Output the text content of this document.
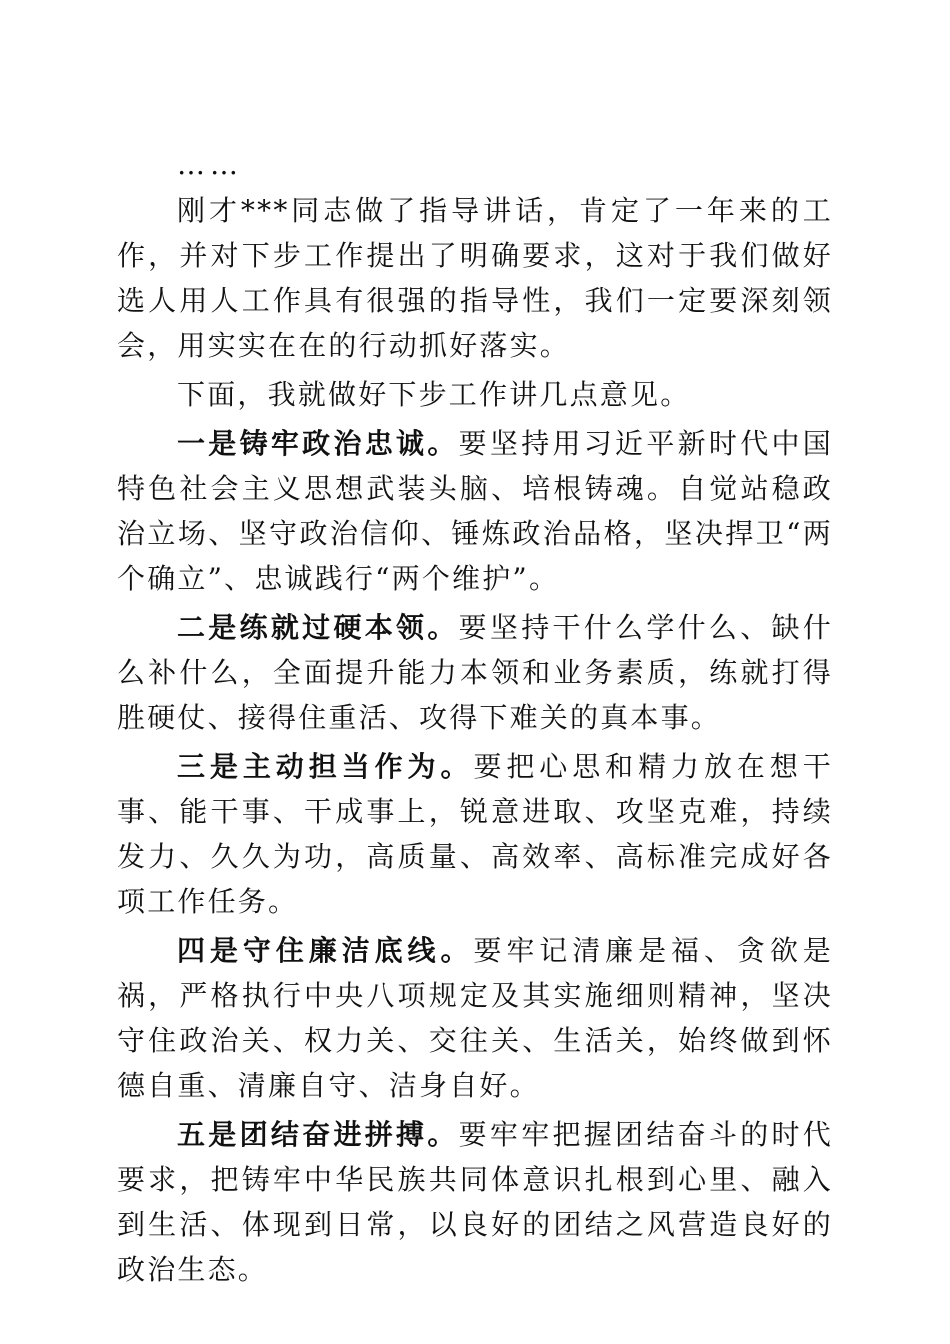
……

刚才***同志做了指导讲话，肯定了一年来的工作，并对下步工作提出了明确要求，这对于我们做好选人用人工作具有很强的指导性，我们一定要深刻领会，用实实在在的行动抓好落实。

下面，我就做好下步工作讲几点意见。

一是铸牢政治忠诚。要坚持用习近平新时代中国特色社会主义思想武装头脑、培根铸魂。自觉站稳政治立场、坚守政治信仰、锤炼政治品格，坚决捍卫“两个确立”、忠诚践行“两个维护”。

二是练就过硬本领。要坚持干什么学什么、缺什么补什么，全面提升能力本领和业务素质，练就打得胜硬仗、接得住重活、攻得下难关的真本事。

三是主动担当作为。要把心思和精力放在想干事、能干事、干成事上，锐意进取、攻坚克难，持续发力、久久为功，高质量、高效率、高标准完成好各项工作任务。

四是守住廉洁底线。要牢记清廉是福、贪欲是祸，严格执行中央八项规定及其实施细则精神，坚决守住政治关、权力关、交往关、生活关，始终做到怀德自重、清廉自守、洁身自好。

五是团结奋进拼搏。要牢牢把握团结奋斗的时代要求，把铸牢中华民族共同体意识扎根到心里、融入到生活、体现到日常，以良好的团结之风营造良好的政治生态。
